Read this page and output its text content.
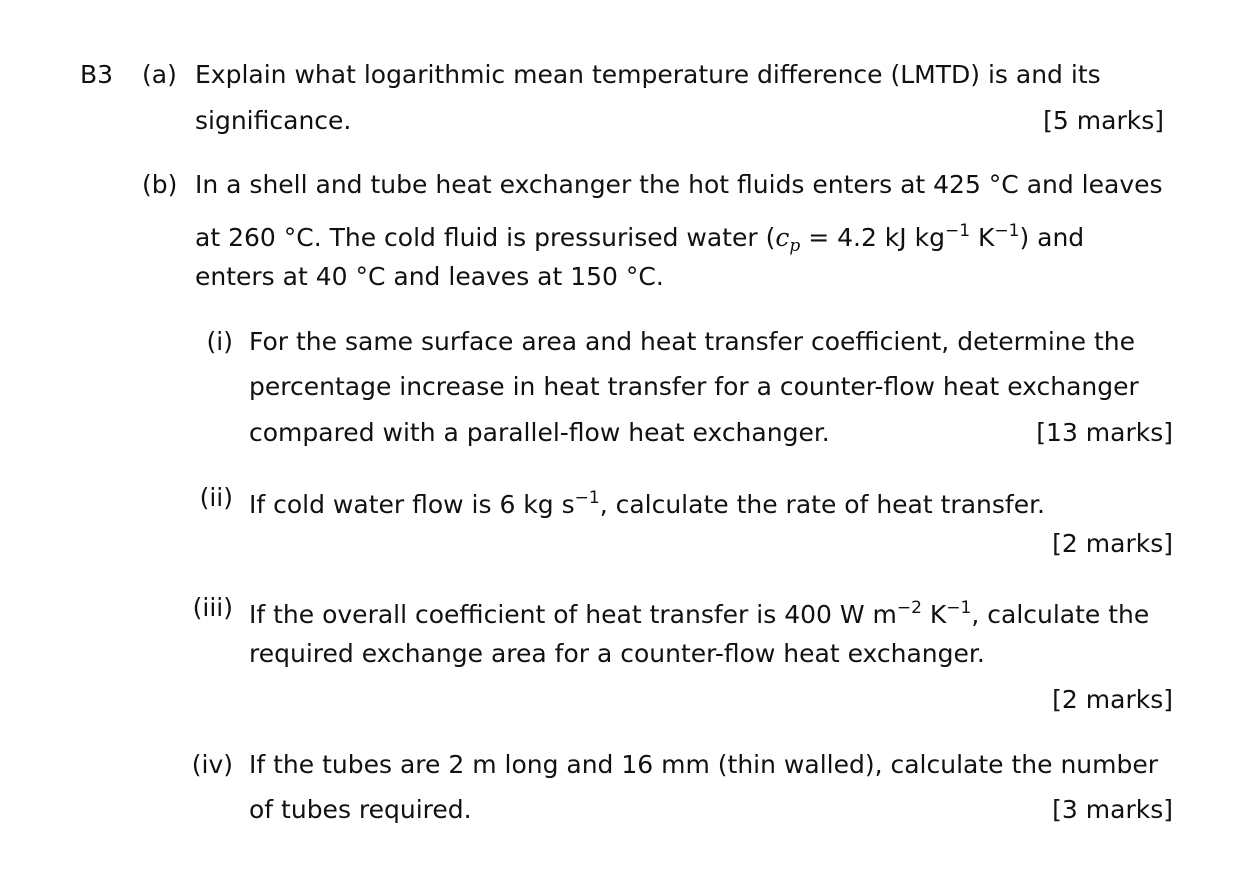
B3 (a) Explain what logarithmic mean temperature difference (LMTD) is and its
significance.	[5 marks]
(b) In a shell and tube heat exchanger the hot fluids enters at 425 °C and leaves
at 260 °C. The cold fluid is pressurised water ($c_p = 4.2$ kJ $kg^{-1}$ $K^{-1}$) and
enters at 40 °C and leaves at 150 °C.
(i) For the same surface area and heat transfer coefficient, determine the
percentage increase in heat transfer for a counter-flow heat exchanger
compared with a parallel-flow heat exchanger.	[13 marks]
(ii) If cold water flow is 6 kg $s^{-1}$, calculate the rate of heat transfer.
[2 marks]
(iii) If the overall coefficient of heat transfer is 400 W $m^{-2}$ $K^{-1}$, calculate the
required exchange area for a counter-flow heat exchanger.
[2 marks]
(iv) If the tubes are 2 m long and 16 mm (thin walled), calculate the number
of tubes required.	[3 marks]
